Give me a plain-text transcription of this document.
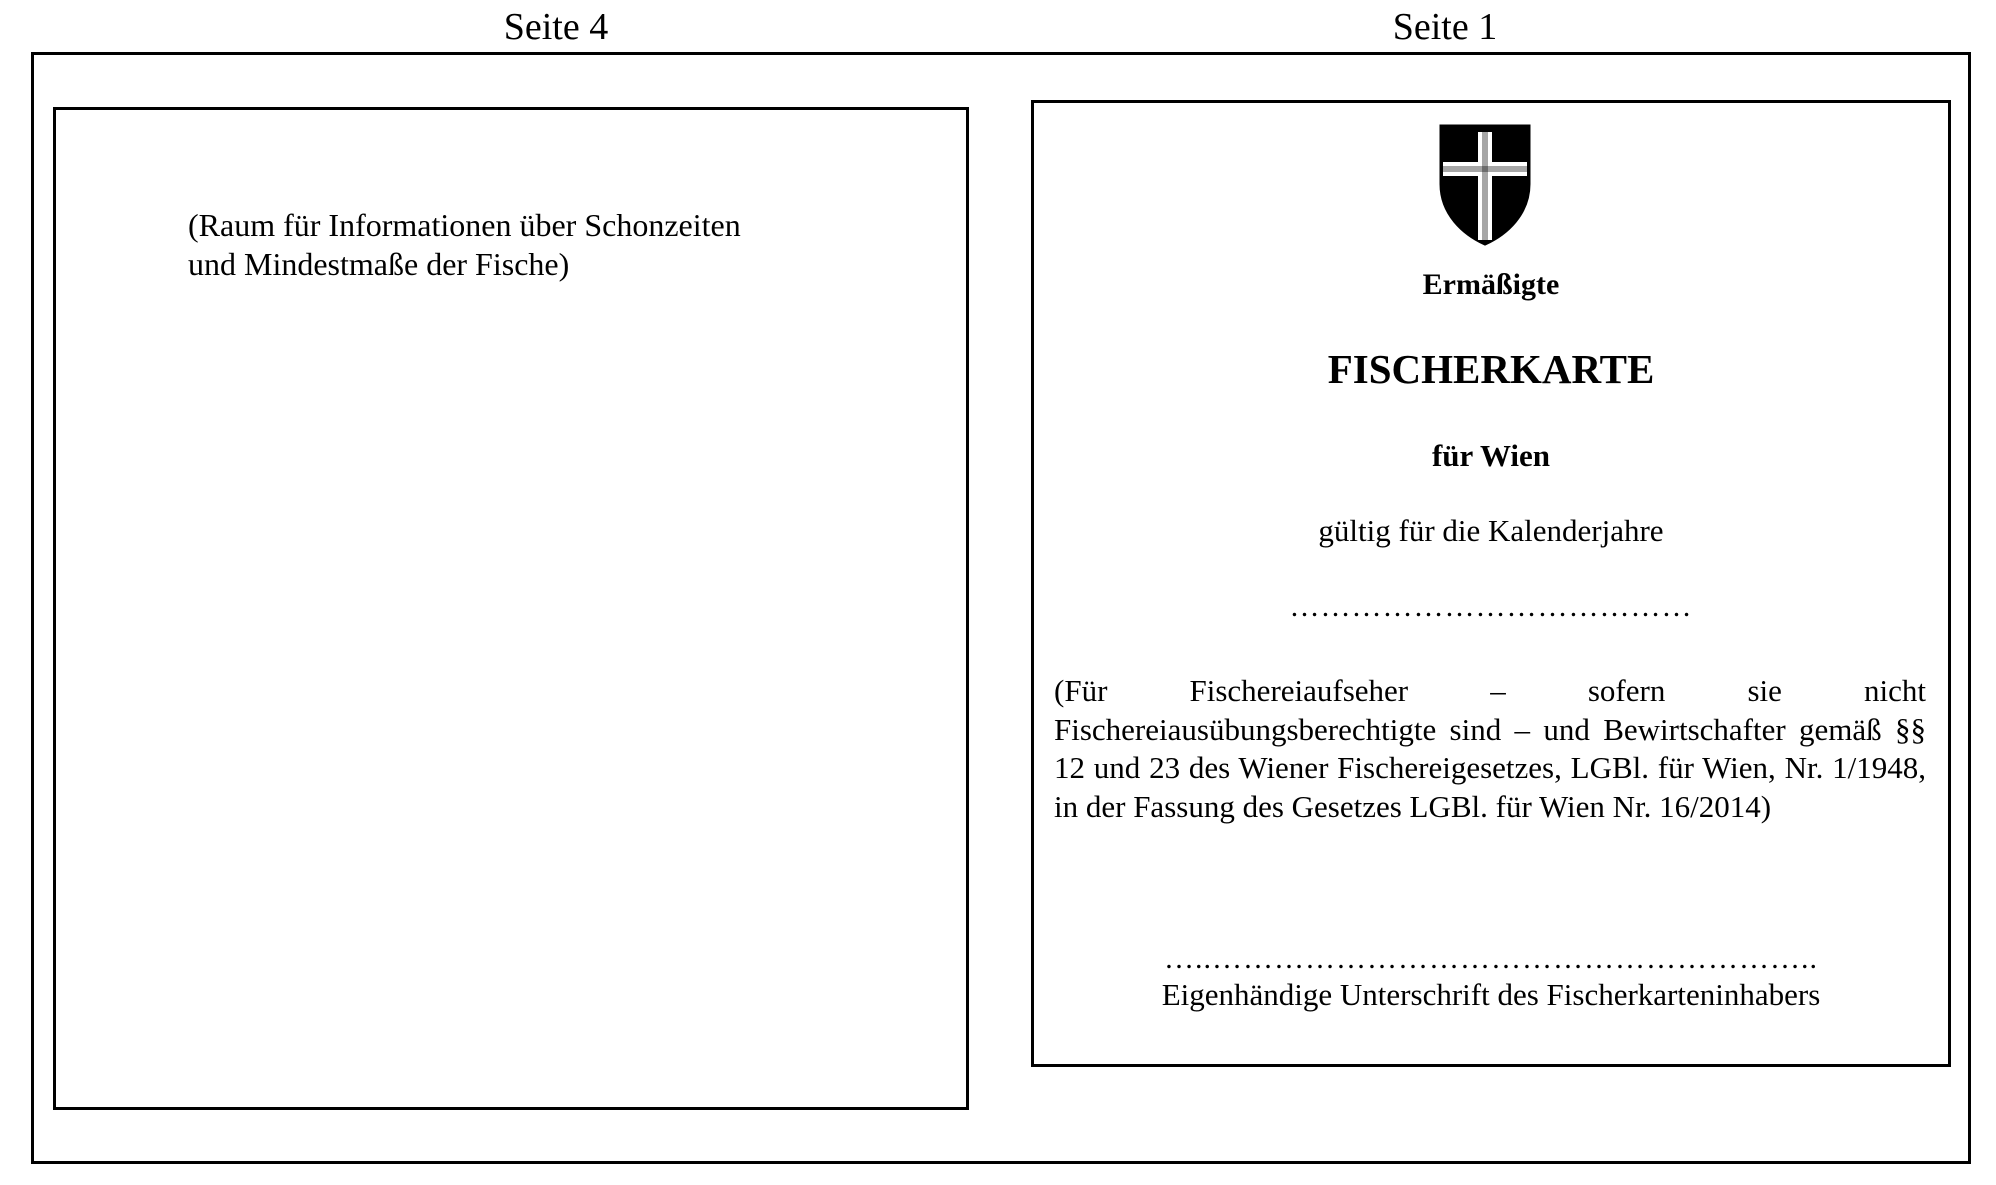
Seite 4	Seite 1
(Raum für Informationen über Schonzeiten
und Mindestmaße der Fische)
Ermäßigte
FISCHERKARTE
für Wien
gültig für die Kalenderjahre
…………………………………
(Für Fischereiaufseher – sofern sie nicht Fischereiausübungsberechtigte sind – und Bewirtschafter gemäß §§ 12 und 23 des Wiener Fischereigesetzes, LGBl. für Wien, Nr. 1/1948, in der Fassung des Gesetzes LGBl. für Wien Nr. 16/2014)
…..…………………………………………………..
Eigenhändige Unterschrift des Fischerkarteninhabers
